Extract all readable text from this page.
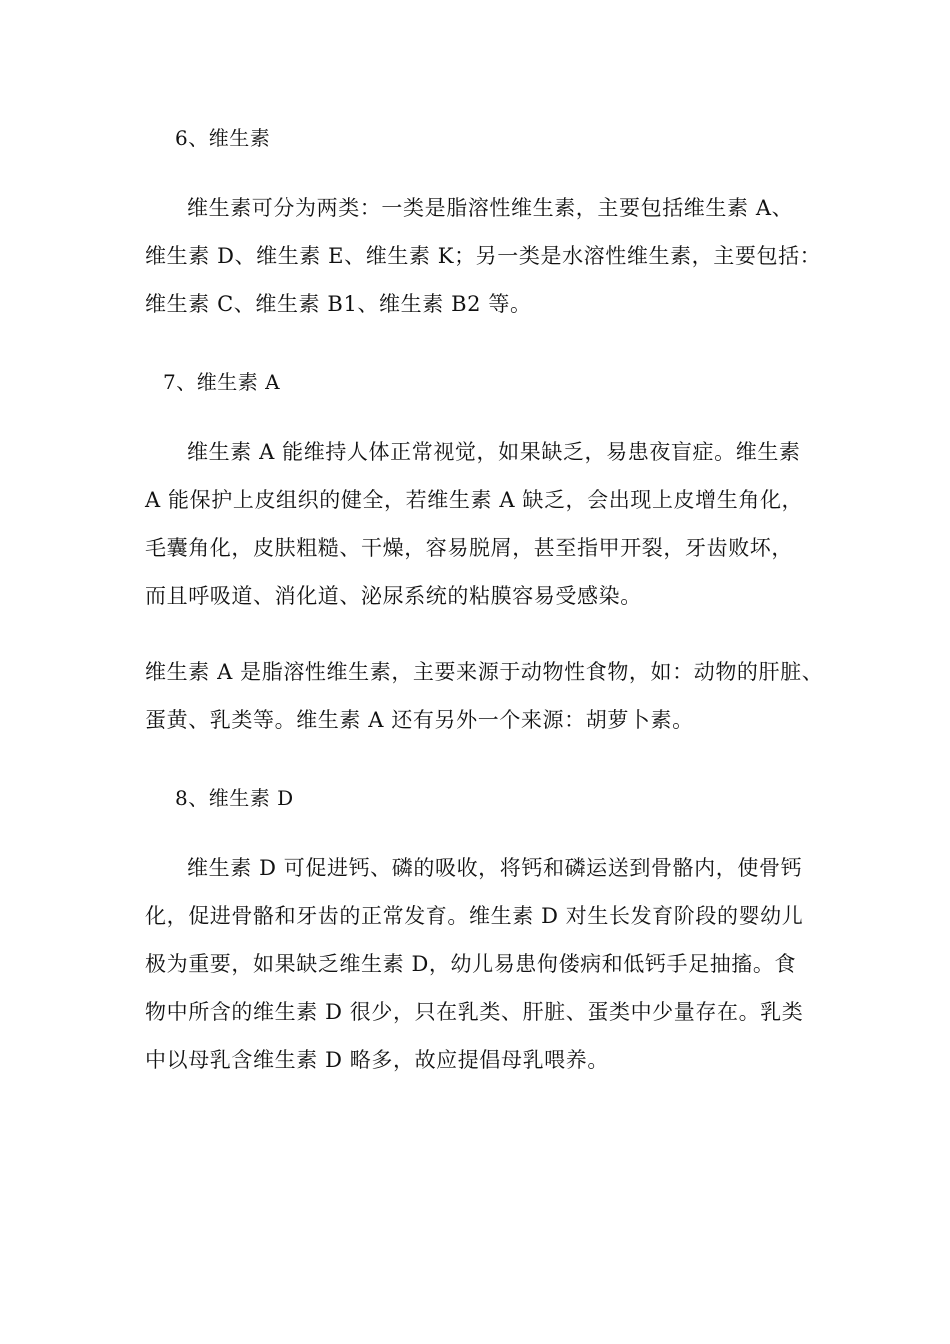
6、维生素
维生素可分为两类：一类是脂溶性维生素，主要包括维生素 A、
维生素 D、维生素 E、维生素 K；另一类是水溶性维生素，主要包括：
维生素 C、维生素 B1、维生素 B2 等。
7、维生素 A
维生素 A 能维持人体正常视觉，如果缺乏，易患夜盲症。维生素
A 能保护上皮组织的健全，若维生素 A 缺乏，会出现上皮增生角化，
毛囊角化，皮肤粗糙、干燥，容易脱屑，甚至指甲开裂，牙齿败坏，
而且呼吸道、消化道、泌尿系统的粘膜容易受感染。
维生素 A 是脂溶性维生素，主要来源于动物性食物，如：动物的肝脏、
蛋黄、乳类等。维生素 A 还有另外一个来源：胡萝卜素。
8、维生素 D
维生素 D 可促进钙、磷的吸收，将钙和磷运送到骨骼内，使骨钙
化，促进骨骼和牙齿的正常发育。维生素 D 对生长发育阶段的婴幼儿
极为重要，如果缺乏维生素 D，幼儿易患佝偻病和低钙手足抽搐。食
物中所含的维生素 D 很少，只在乳类、肝脏、蛋类中少量存在。乳类
中以母乳含维生素 D 略多，故应提倡母乳喂养。
